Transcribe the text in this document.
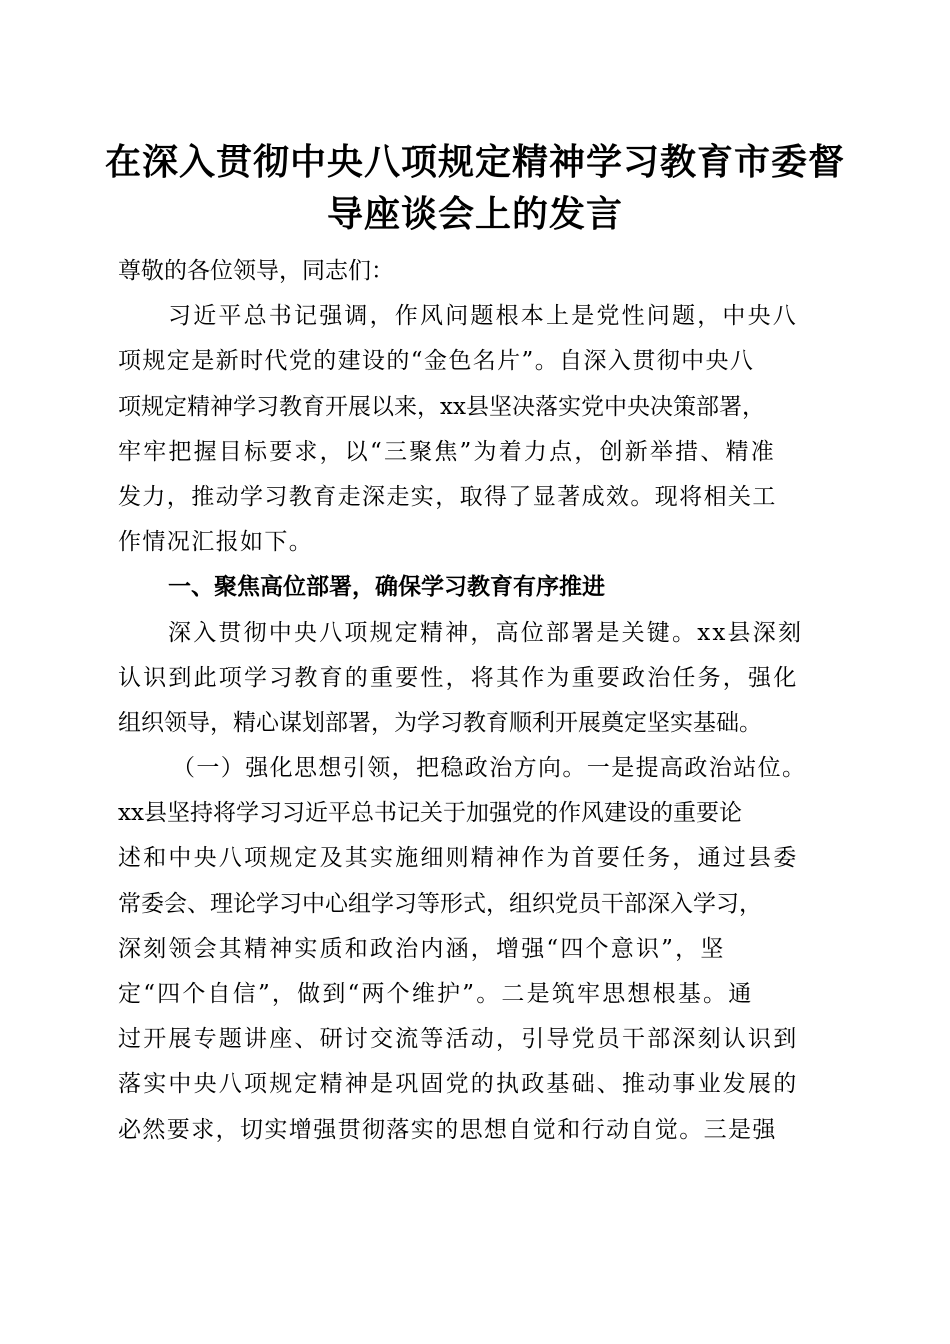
在深入贯彻中央八项规定精神学习教育市委督
导座谈会上的发言
尊敬的各位领导，同志们：
习近平总书记强调，作风问题根本上是党性问题，中央八
项规定是新时代党的建设的“金色名片”。自深入贯彻中央八
项规定精神学习教育开展以来，xx县坚决落实党中央决策部署，
牢牢把握目标要求，以“三聚焦”为着力点，创新举措、精准
发力，推动学习教育走深走实，取得了显著成效。现将相关工
作情况汇报如下。
一、聚焦高位部署，确保学习教育有序推进
深入贯彻中央八项规定精神，高位部署是关键。xx县深刻
认识到此项学习教育的重要性，将其作为重要政治任务，强化
组织领导，精心谋划部署，为学习教育顺利开展奠定坚实基础。
（一）强化思想引领，把稳政治方向。一是提高政治站位。
xx县坚持将学习习近平总书记关于加强党的作风建设的重要论
述和中央八项规定及其实施细则精神作为首要任务，通过县委
常委会、理论学习中心组学习等形式，组织党员干部深入学习，
深刻领会其精神实质和政治内涵，增强“四个意识”，坚
定“四个自信”，做到“两个维护”。二是筑牢思想根基。通
过开展专题讲座、研讨交流等活动，引导党员干部深刻认识到
落实中央八项规定精神是巩固党的执政基础、推动事业发展的
必然要求，切实增强贯彻落实的思想自觉和行动自觉。三是强
